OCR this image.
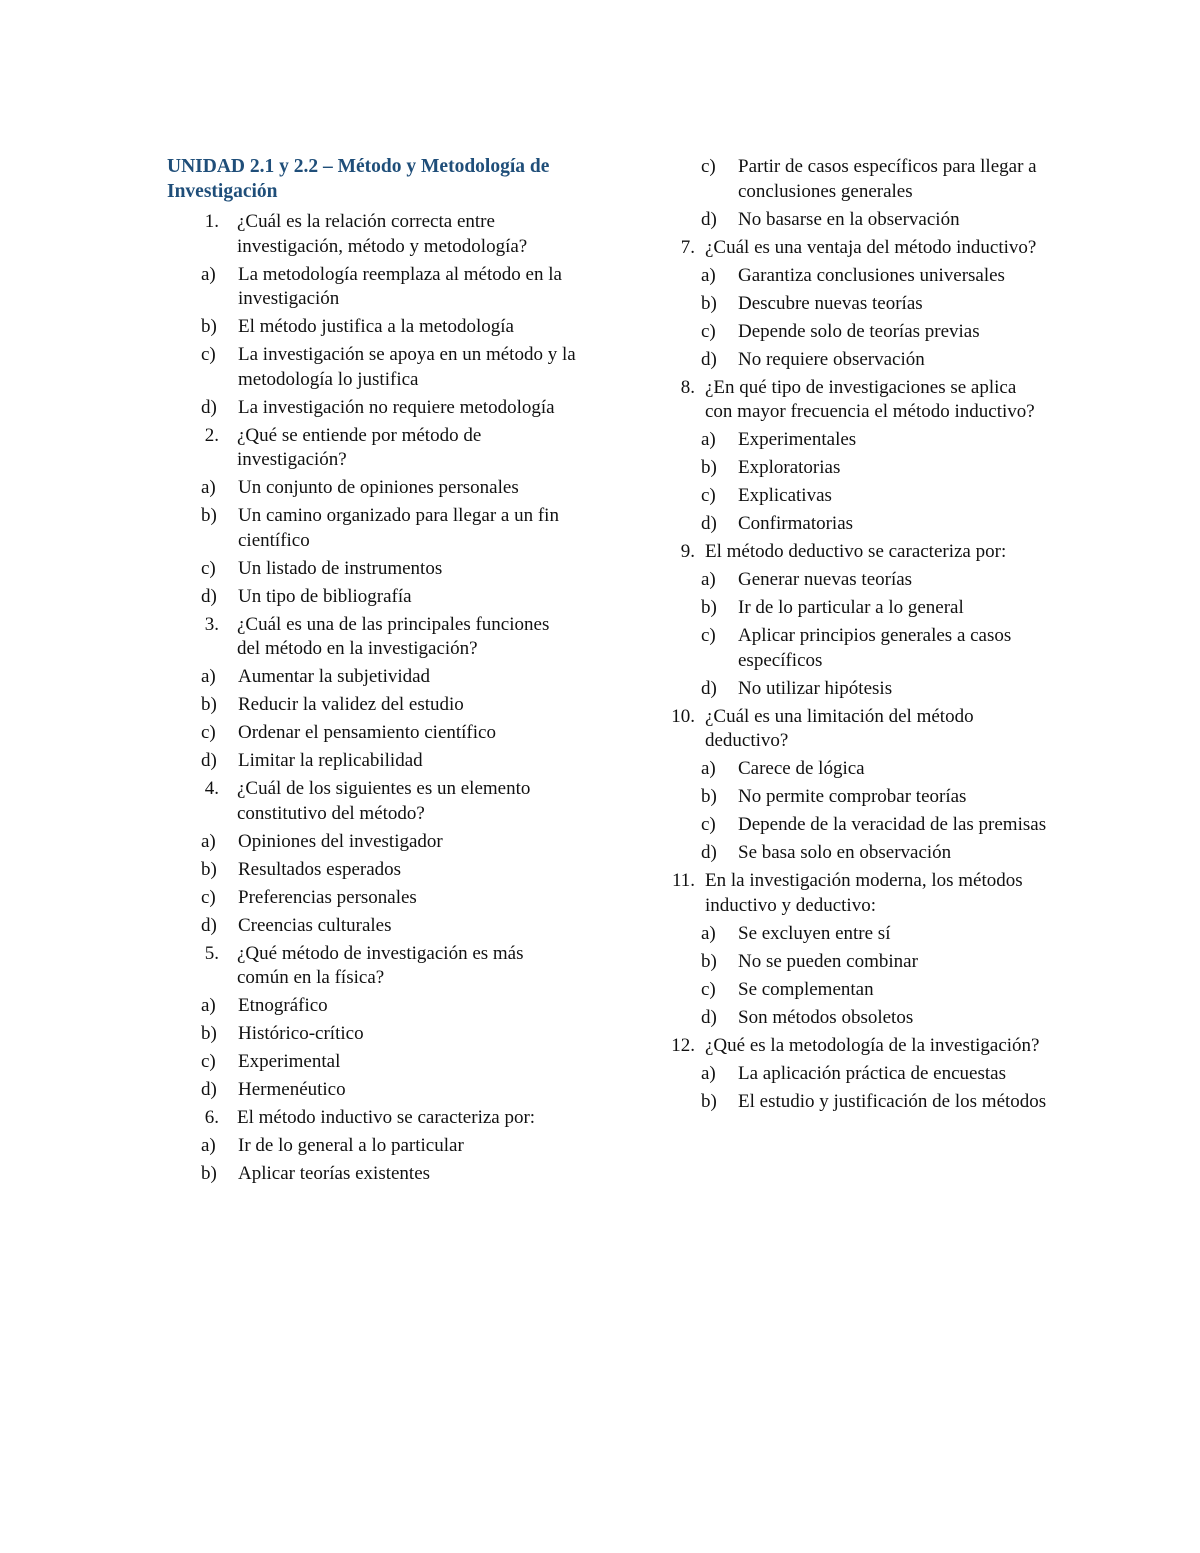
UNIDAD 2.1 y 2.2 – Método y Metodología de Investigación
1. ¿Cuál es la relación correcta entre investigación, método y metodología?
a) La metodología reemplaza al método en la investigación
b) El método justifica a la metodología
c) La investigación se apoya en un método y la metodología lo justifica
d) La investigación no requiere metodología
2. ¿Qué se entiende por método de investigación?
a) Un conjunto de opiniones personales
b) Un camino organizado para llegar a un fin científico
c) Un listado de instrumentos
d) Un tipo de bibliografía
3. ¿Cuál es una de las principales funciones del método en la investigación?
a) Aumentar la subjetividad
b) Reducir la validez del estudio
c) Ordenar el pensamiento científico
d) Limitar la replicabilidad
4. ¿Cuál de los siguientes es un elemento constitutivo del método?
a) Opiniones del investigador
b) Resultados esperados
c) Preferencias personales
d) Creencias culturales
5. ¿Qué método de investigación es más común en la física?
a) Etnográfico
b) Histórico-crítico
c) Experimental
d) Hermenéutico
6. El método inductivo se caracteriza por:
a) Ir de lo general a lo particular
b) Aplicar teorías existentes
c) Partir de casos específicos para llegar a conclusiones generales
d) No basarse en la observación
7. ¿Cuál es una ventaja del método inductivo?
a) Garantiza conclusiones universales
b) Descubre nuevas teorías
c) Depende solo de teorías previas
d) No requiere observación
8. ¿En qué tipo de investigaciones se aplica con mayor frecuencia el método inductivo?
a) Experimentales
b) Exploratorias
c) Explicativas
d) Confirmatorias
9. El método deductivo se caracteriza por:
a) Generar nuevas teorías
b) Ir de lo particular a lo general
c) Aplicar principios generales a casos específicos
d) No utilizar hipótesis
10. ¿Cuál es una limitación del método deductivo?
a) Carece de lógica
b) No permite comprobar teorías
c) Depende de la veracidad de las premisas
d) Se basa solo en observación
11. En la investigación moderna, los métodos inductivo y deductivo:
a) Se excluyen entre sí
b) No se pueden combinar
c) Se complementan
d) Son métodos obsoletos
12. ¿Qué es la metodología de la investigación?
a) La aplicación práctica de encuestas
b) El estudio y justificación de los métodos
